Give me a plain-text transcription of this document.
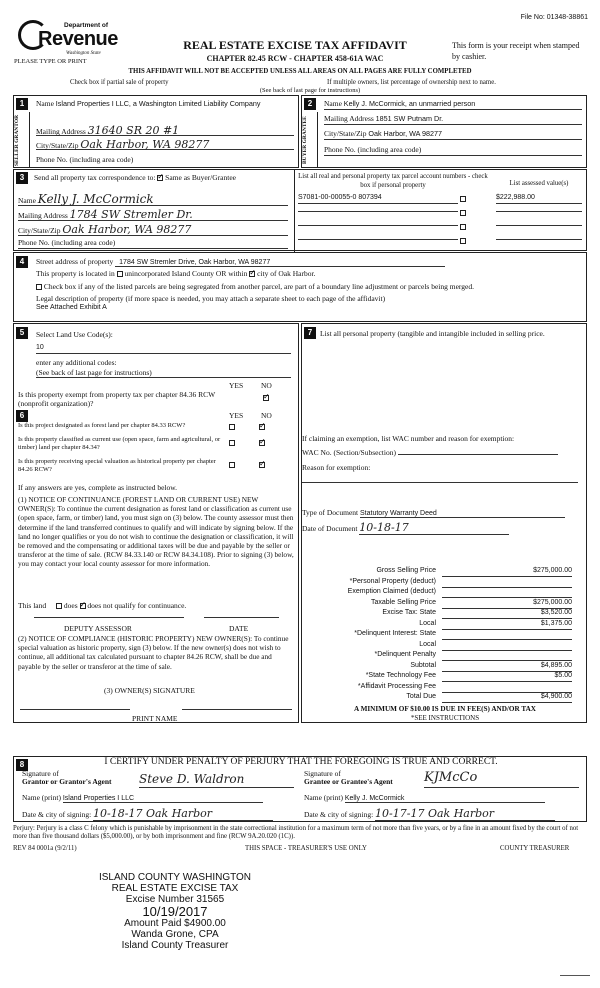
File No: 01348-38861
Department of
Revenue
Washington State
PLEASE TYPE OR PRINT
REAL ESTATE EXCISE TAX AFFIDAVIT
CHAPTER 82.45 RCW - CHAPTER 458-61A WAC
This form is your receipt when stamped by cashier.
THIS AFFIDAVIT WILL NOT BE ACCEPTED UNLESS ALL AREAS ON ALL PAGES ARE FULLY COMPLETED
Check box if partial sale of property
(See back of last page for instructions)
If multiple owners, list percentage of ownership next to name.
1
SELLER GRANTOR
Name Island Properties I LLC, a Washington Limited Liability Company
Mailing Address 31640 SR 20 #1
City/State/Zip Oak Harbor, WA 98277
Phone No. (including area code)
2
BUYER GRANTEE
Name Kelly J. McCormick, an unmarried person
Mailing Address 1851 SW Putnam Dr.
City/State/Zip Oak Harbor, WA 98277
Phone No. (including area code)
3	Send all property tax correspondence to: ✓ Same as Buyer/Grantee
Name Kelly J. McCormick
Mailing Address 1784 SW Stremler Dr.
City/State/Zip Oak Harbor, WA 98277
Phone No. (including area code)
List all real and personal property tax parcel account numbers - check box if personal property	List assessed value(s)
S7081-00-00055-0 807394	$222,988.00
4	Street address of property 1784 SW Stremler Drive, Oak Harbor, WA 98277
This property is located in unincorporated Island County OR within ✓ city of Oak Harbor.
Check box if any of the listed parcels are being segregated from another parcel, are part of a boundary line adjustment or parcels being merged.
Legal description of property (if more space is needed, you may attach a separate sheet to each page of the affidavit)
See Attached Exhibit A
5	Select Land Use Code(s):
10
enter any additional codes:
(See back of last page for instructions)
YES NO
Is this property exempt from property tax per chapter 84.36 RCW (nonprofit organization)?
✓
6	YES NO
Is this project designated as forest land per chapter 84.33 RCW?
✓
Is this property classified as current use (open space, farm and agricultural, or timber) land per chapter 84.34?
✓
Is this property receiving special valuation as historical property per chapter 84.26 RCW?
✓
If any answers are yes, complete as instructed below.
(1) NOTICE OF CONTINUANCE (FOREST LAND OR CURRENT USE) NEW OWNER(S): To continue the current designation as forest land or classification as current use (open space, farm, or timber) land, you must sign on (3) below. The county assessor must then determine if the land transferred continues to qualify and will indicate by signing below. If the land no longer qualifies or you do not wish to continue the designation or classification, it will be removed and the compensating or additional taxes will be due and payable by the seller or transferor at the time of sale. (RCW 84.33.140 or RCW 84.34.108). Prior to signing (3) below, you may contact your local county assessor for more information.
This land does ✓ does not qualify for continuance.
DEPUTY ASSESSOR	DATE
(2) NOTICE OF COMPLIANCE (HISTORIC PROPERTY) NEW OWNER(S): To continue special valuation as historic property, sign (3) below. If the new owner(s) does not wish to continue, all additional tax calculated pursuant to chapter 84.26 RCW, shall be due and payable by the seller or transferor at the time of sale.
(3) OWNER(S) SIGNATURE
PRINT NAME
7	List all personal property (tangible and intangible included in selling price.
If claiming an exemption, list WAC number and reason for exemption:
WAC No. (Section/Subsection)
Reason for exemption:
Type of Document Statutory Warranty Deed
Date of Document 10-18-17
Gross Selling Price	$275,000.00
*Personal Property (deduct)
Exemption Claimed (deduct)
Taxable Selling Price	$275,000.00
Excise Tax: State	$3,520.00
Local	$1,375.00
*Delinquent Interest: State
Local
*Delinquent Penalty
Subtotal	$4,895.00
*State Technology Fee	$5.00
*Affidavit Processing Fee
Total Due	$4,900.00
A MINIMUM OF $10.00 IS DUE IN FEE(S) AND/OR TAX
*SEE INSTRUCTIONS
8	I CERTIFY UNDER PENALTY OF PERJURY THAT THE FOREGOING IS TRUE AND CORRECT.
Signature of
Grantor or Grantor's Agent Steve D. Waldron
Name (print) Island Properties I LLC
Date & city of signing: 10-18-17 Oak Harbor
Signature of
Grantee or Grantee's Agent KJMcCo
Name (print) Kelly J. McCormick
Date & city of signing: 10-17-17 Oak Harbor
Perjury: Perjury is a class C felony which is punishable by imprisonment in the state correctional institution for a maximum term of not more than five years, or by a fine in an amount fixed by the court of not more than five thousand dollars ($5,000.00), or by both imprisonment and fine (RCW 9A.20.020 (1C)).
REV 84 0001a (9/2/11)	THIS SPACE - TREASURER'S USE ONLY	COUNTY TREASURER
ISLAND COUNTY WASHINGTON
REAL ESTATE EXCISE TAX
Excise Number 31565
10/19/2017
Amount Paid $4900.00
Wanda Grone, CPA
Island County Treasurer
